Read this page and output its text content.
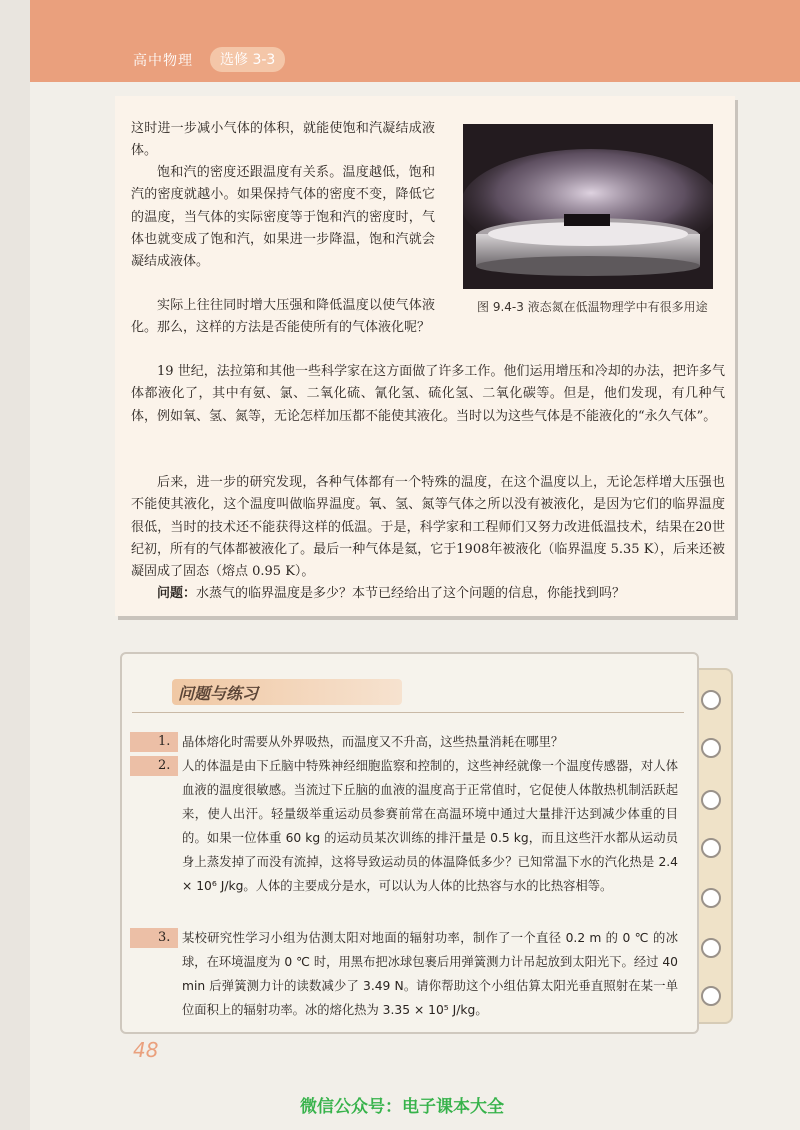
高中物理	选修 3-3

这时进一步减小气体的体积，就能使饱和汽凝结成液体。

饱和汽的密度还跟温度有关系。温度越低，饱和汽的密度就越小。如果保持气体的密度不变，降低它的温度，当气体的实际密度等于饱和汽的密度时，气体也就变成了饱和汽，如果进一步降温，饱和汽就会凝结成液体。

实际上往往同时增大压强和降低温度以使气体液化。那么，这样的方法是否能使所有的气体液化呢？

图 9.4-3 液态氮在低温物理学中有很多用途

19 世纪，法拉第和其他一些科学家在这方面做了许多工作。他们运用增压和冷却的办法，把许多气体都液化了，其中有氨、氯、二氧化硫、氰化氢、硫化氢、二氧化碳等。但是，他们发现，有几种气体，例如氧、氢、氮等，无论怎样加压都不能使其液化。当时以为这些气体是不能液化的“永久气体”。

后来，进一步的研究发现，各种气体都有一个特殊的温度，在这个温度以上，无论怎样增大压强也不能使其液化，这个温度叫做临界温度。氧、氢、氮等气体之所以没有被液化，是因为它们的临界温度很低，当时的技术还不能获得这样的低温。于是，科学家和工程师们又努力改进低温技术，结果在20世纪初，所有的气体都被液化了。最后一种气体是氦，它于1908年被液化（临界温度 5.35 K），后来还被凝固成了固态（熔点 0.95 K）。

问题：水蒸气的临界温度是多少？本节已经给出了这个问题的信息，你能找到吗？

问题与练习
1. 晶体熔化时需要从外界吸热，而温度又不升高，这些热量消耗在哪里？

2. 人的体温是由下丘脑中特殊神经细胞监察和控制的，这些神经就像一个温度传感器，对人体血液的温度很敏感。当流过下丘脑的血液的温度高于正常值时，它促使人体散热机制活跃起来，使人出汗。轻量级举重运动员参赛前常在高温环境中通过大量排汗达到减少体重的目的。如果一位体重 60 kg 的运动员某次训练的排汗量是 0.5 kg，而且这些汗水都从运动员身上蒸发掉了而没有流掉，这将导致运动员的体温降低多少？已知常温下水的汽化热是 2.4 × 10⁶ J/kg。人体的主要成分是水，可以认为人体的比热容与水的比热容相等。

3. 某校研究性学习小组为估测太阳对地面的辐射功率，制作了一个直径 0.2 m 的 0 ℃ 的冰球，在环境温度为 0 ℃ 时，用黑布把冰球包裹后用弹簧测力计吊起放到太阳光下。经过 40 min 后弹簧测力计的读数减少了 3.49 N。请你帮助这个小组估算太阳光垂直照射在某一单位面积上的辐射功率。冰的熔化热为 3.35 × 10⁵ J/kg。

48
微信公众号：电子课本大全
